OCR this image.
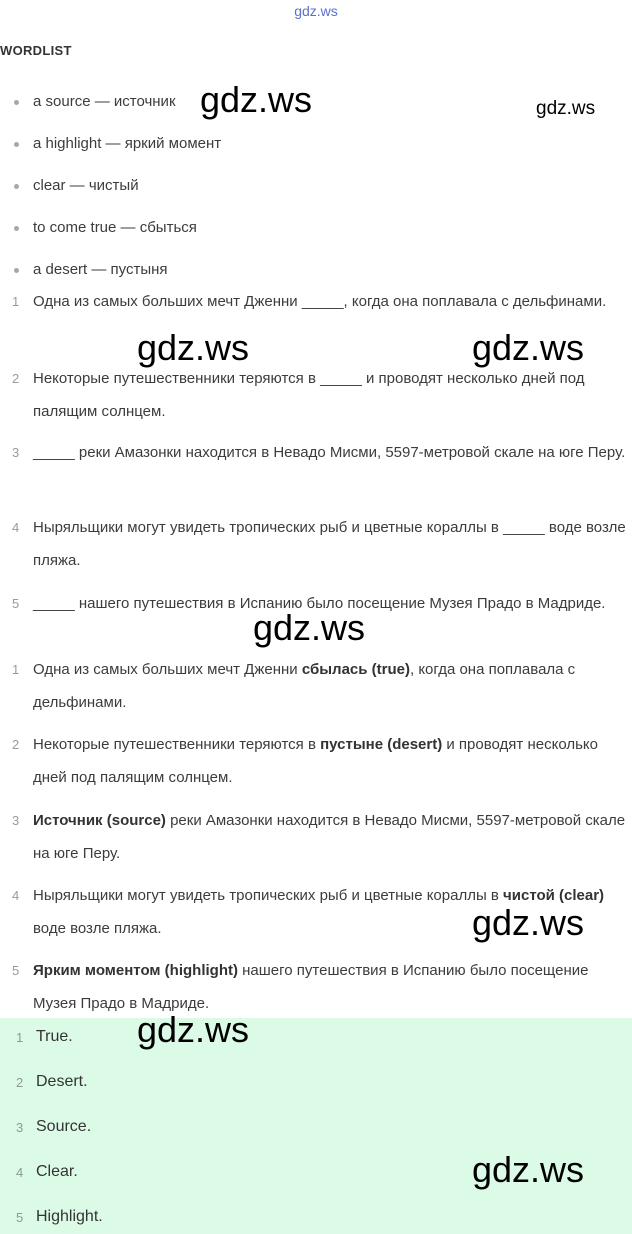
gdz.ws
WORDLIST
a source — источник
a highlight — яркий момент
clear — чистый
to come true — сбыться
a desert — пустыня
1 Одна из самых больших мечт Дженни _____, когда она поплавала с дельфинами.
2 Некоторые путешественники теряются в _____ и проводят несколько дней под палящим солнцем.
3 _____ реки Амазонки находится в Невадо Мисми, 5597-метровой скале на юге Перу.
4 Ныряльщики могут увидеть тропических рыб и цветные кораллы в _____ воде возле пляжа.
5 _____ нашего путешествия в Испанию было посещение Музея Прадо в Мадриде.
1 Одна из самых больших мечт Дженни сбылась (true), когда она поплавала с дельфинами.
2 Некоторые путешественники теряются в пустыне (desert) и проводят несколько дней под палящим солнцем.
3 Источник (source) реки Амазонки находится в Невадо Мисми, 5597-метровой скале на юге Перу.
4 Ныряльщики могут увидеть тропических рыб и цветные кораллы в чистой (clear) воде возле пляжа.
5 Ярким моментом (highlight) нашего путешествия в Испанию было посещение Музея Прадо в Мадриде.
1 True.
2 Desert.
3 Source.
4 Clear.
5 Highlight.
gdz.ws	gdz.ws
gdz.ws	gdz.ws
gdz.ws
gdz.ws
gdz.ws
gdz.ws
